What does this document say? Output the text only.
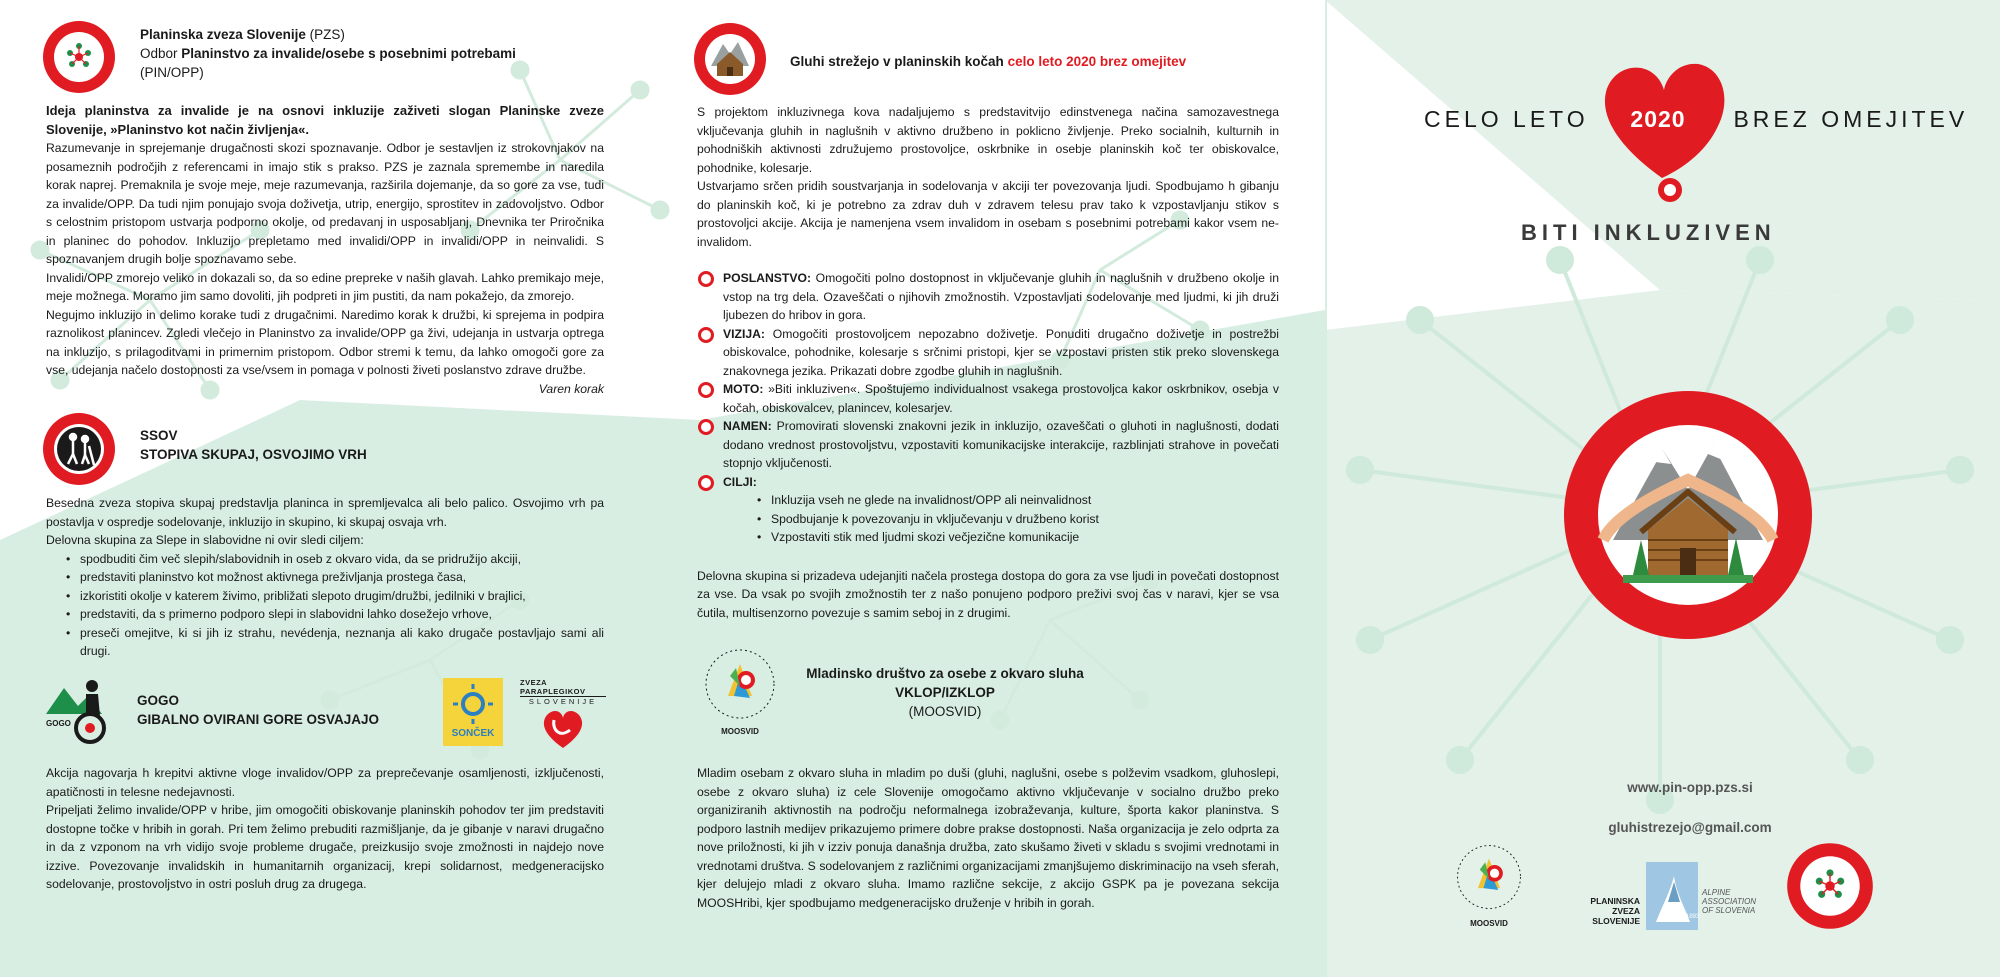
Planinska zveza Slovenije (PZS)
Odbor Planinstvo za invalide/osebe s posebnimi potrebami
(PIN/OPP)

Ideja planinstva za invalide je na osnovi inkluzije zaživeti slogan Planinske zveze Slovenije, »Planinstvo kot način življenja«.

Razumevanje in sprejemanje drugačnosti skozi spoznavanje. Odbor je sestavljen iz strokovnjakov na posameznih področjih z referencami in imajo stik s prakso. PZS je zaznala spremembe in naredila korak naprej. Premaknila je svoje meje, meje razumevanja, razširila dojemanje, da so gore za vse, tudi za invalide/OPP. Da tudi njim ponujajo svoja doživetja, utrip, energijo, sprostitev in zadovoljstvo. Odbor s celostnim pristopom ustvarja podporno okolje, od predavanj in usposabljanj, Dnevnika ter Priročnika in planinec do pohodov. Inkluzijo prepletamo med invalidi/OPP in invalidi/OPP in neinvalidi. S spoznavanjem drugih bolje spoznavamo sebe.

Invalidi/OPP zmorejo veliko in dokazali so, da so edine prepreke v naših glavah. Lahko premikajo meje, meje možnega. Moramo jim samo dovoliti, jih podpreti in jim pustiti, da nam pokažejo, da zmorejo.

Negujmo inkluzijo in delimo korake tudi z drugačnimi. Naredimo korak k družbi, ki sprejema in podpira raznolikost planincev. Zgledi vlečejo in Planinstvo za invalide/OPP ga živi, udejanja in ustvarja optrega na inkluzijo, s prilagoditvami in primernim pristopom. Odbor stremi k temu, da lahko omogoči gore za vse, udejanja načelo dostopnosti za vse/vsem in pomaga v polnosti živeti poslanstvo zdrave družbe.

Varen korak

SSOV
STOPIVA SKUPAJ, OSVOJIMO VRH

Besedna zveza stopiva skupaj predstavlja planinca in spremljevalca ali belo palico. Osvojimo vrh pa postavlja v ospredje sodelovanje, inkluzijo in skupino, ki skupaj osvaja vrh.

Delovna skupina za Slepe in slabovidne ni ovir sledi ciljem:

• spodbuditi čim več slepih/slabovidnih in oseb z okvaro vida, da se pridružijo akciji,
• predstaviti planinstvo kot možnost aktivnega preživljanja prostega časa,
• izkoristiti okolje v katerem živimo, približati slepoto drugim/družbi, jedilniki v brajlici,
• predstaviti, da s primerno podporo slepi in slabovidni lahko dosežejo vrhove,
• preseči omejitve, ki si jih iz strahu, nevédenja, neznanja ali kako drugače postavljajo sami ali drugi.
GOGO
GOGO
GIBALNO OVIRANI GORE OSVAJAJO
SONČEK
ZVEZA PARAPLEGIKOV
SLOVENIJE

Akcija nagovarja h krepitvi aktivne vloge invalidov/OPP za preprečevanje osamljenosti, izključenosti, apatičnosti in telesne nedejavnosti.

Pripeljati želimo invalide/OPP v hribe, jim omogočiti obiskovanje planinskih pohodov ter jim predstaviti dostopne točke v hribih in gorah. Pri tem želimo prebuditi razmišljanje, da je gibanje v naravi drugačno in da z vzponom na vrh vidijo svoje probleme drugače, preizkusijo svoje zmožnosti in najdejo nove izzive. Povezovanje invalidskih in humanitarnih organizacij, krepi solidarnost, medgeneracijsko sodelovanje, prostovoljstvo in ostri posluh drug za drugega.

Gluhi strežejo v planinskih kočah celo leto 2020 brez omejitev

S projektom inkluzivnega kova nadaljujemo s predstavitvijo edinstvenega načina samozavestnega vključevanja gluhih in naglušnih v aktivno družbeno in poklicno življenje. Preko socialnih, kulturnih in pohodniških aktivnosti združujemo prostovoljce, oskrbnike in osebje planinskih koč ter obiskovalce, pohodnike, kolesarje.

Ustvarjamo srčen pridih soustvarjanja in sodelovanja v akciji ter povezovanja ljudi. Spodbujamo h gibanju do planinskih koč, ki je potrebno za zdrav duh v zdravem telesu prav tako k vzpostavljanju stikov s prostovoljci akcije. Akcija je namenjena vsem invalidom in osebam s posebnimi potrebami kakor vsem ne-invalidom.

POSLANSTVO: Omogočiti polno dostopnost in vključevanje gluhih in naglušnih v družbeno okolje in vstop na trg dela. Ozaveščati o njihovih zmožnostih. Vzpostavljati sodelovanje med ljudmi, ki jih druži ljubezen do hribov in gora.
VIZIJA: Omogočiti prostovoljcem nepozabno doživetje. Ponuditi drugačno doživetje in postrežbi obiskovalce, pohodnike, kolesarje s srčnimi pristopi, kjer se vzpostavi pristen stik preko slovenskega znakovnega jezika. Prikazati dobre zgodbe gluhih in naglušnih.
MOTO: »Biti inkluziven«. Spoštujemo individualnost vsakega prostovoljca kakor oskrbnikov, osebja v kočah, obiskovalcev, planincev, kolesarjev.
NAMEN: Promovirati slovenski znakovni jezik in inkluzijo, ozaveščati o gluhoti in naglušnosti, dodati dodano vrednost prostovoljstvu, vzpostaviti komunikacijske interakcije, razblinjati strahove in povečati stopnjo vključenosti.
CILJI:
• Inkluzija vseh ne glede na invalidnost/OPP ali neinvalidnost
• Spodbujanje k povezovanju in vključevanju v družbeno korist
• Vzpostaviti stik med ljudmi skozi večjezične komunikacije

Delovna skupina si prizadeva udejanjiti načela prostega dostopa do gora za vse ljudi in povečati dostopnost za vse. Da vsak po svojih zmožnostih ter z našo ponujeno podporo preživi svoj čas v naravi, kjer se vsa čutila, multisenzorno povezuje s samim seboj in z drugimi.

MOOSVID
Mladinsko društvo za osebe z okvaro sluha
VKLOP/IZKLOP
(MOOSVID)

Mladim osebam z okvaro sluha in mladim po duši (gluhi, naglušni, osebe s polževim vsadkom, gluhoslepi, osebe z okvaro sluha) iz cele Slovenije omogočamo aktivno vključevanje v socialno družbo preko organiziranih aktivnostih na področju neformalnega izobraževanja, kulture, športa kakor planinstva. S podporo lastnih medijev prikazujemo primere dobre prakse dostopnosti. Naša organizacija je zelo odprta za nove priložnosti, ki jih v izziv ponuja današnja družba, zato skušamo živeti v skladu s svojimi vrednotami in vrednotami društva. S sodelovanjem z različnimi organizacijami zmanjšujemo diskriminacijo na vseh sferah, kjer delujejo mladi z okvaro sluha. Imamo različne sekcije, z akcijo GSPK pa je povezana sekcija MOOSHribi, kjer spodbujamo medgeneracijsko druženje v hribih in gorah.

CELO LETO	BREZ OMEJITEV
2020
BITI INKLUZIVEN
www.pin-opp.pzs.si
gluhistrezejo@gmail.com
MOOSVID
PLANINSKA
ZVEZA
SLOVENIJE	SPD 1893
ALPINE
ASSOCIATION
OF SLOVENIA
